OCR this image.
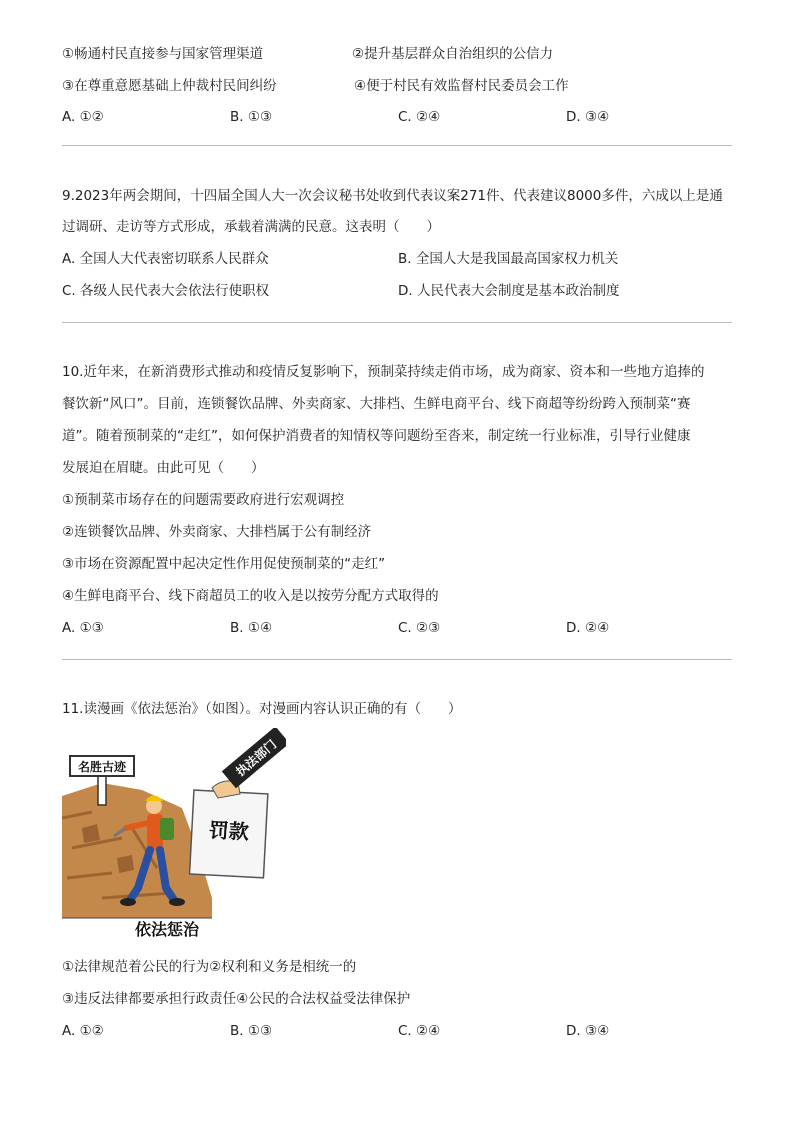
①畅通村民直接参与国家管理渠道	②提升基层群众自治组织的公信力
③在尊重意愿基础上仲裁村民间纠纷	④便于村民有效监督村民委员会工作
A. ①②	B. ①③	C. ②④	D. ③④
9.2023年两会期间，十四届全国人大一次会议秘书处收到代表议案271件、代表建议8000多件，六成以上是通
过调研、走访等方式形成，承载着满满的民意。这表明（　　）
A. 全国人大代表密切联系人民群众	B. 全国人大是我国最高国家权力机关
C. 各级人民代表大会依法行使职权	D. 人民代表大会制度是基本政治制度
10.近年来，在新消费形式推动和疫情反复影响下，预制菜持续走俏市场，成为商家、资本和一些地方追捧的
餐饮新“风口”。目前，连锁餐饮品牌、外卖商家、大排档、生鲜电商平台、线下商超等纷纷跨入预制菜“赛
道”。随着预制菜的“走红”，如何保护消费者的知情权等问题纷至沓来，制定统一行业标准，引导行业健康
发展迫在眉睫。由此可见（　　）
①预制菜市场存在的问题需要政府进行宏观调控
②连锁餐饮品牌、外卖商家、大排档属于公有制经济
③市场在资源配置中起决定性作用促使预制菜的“走红”
④生鲜电商平台、线下商超员工的收入是以按劳分配方式取得的
A. ①③	B. ①④	C. ②③	D. ②④
11.读漫画《依法惩治》（如图）。对漫画内容认识正确的有（　　）
名胜古迹
罚款
执法部门
依法惩治
①法律规范着公民的行为②权利和义务是相统一的
③违反法律都要承担行政责任④公民的合法权益受法律保护
A. ①②	B. ①③	C. ②④	D. ③④
